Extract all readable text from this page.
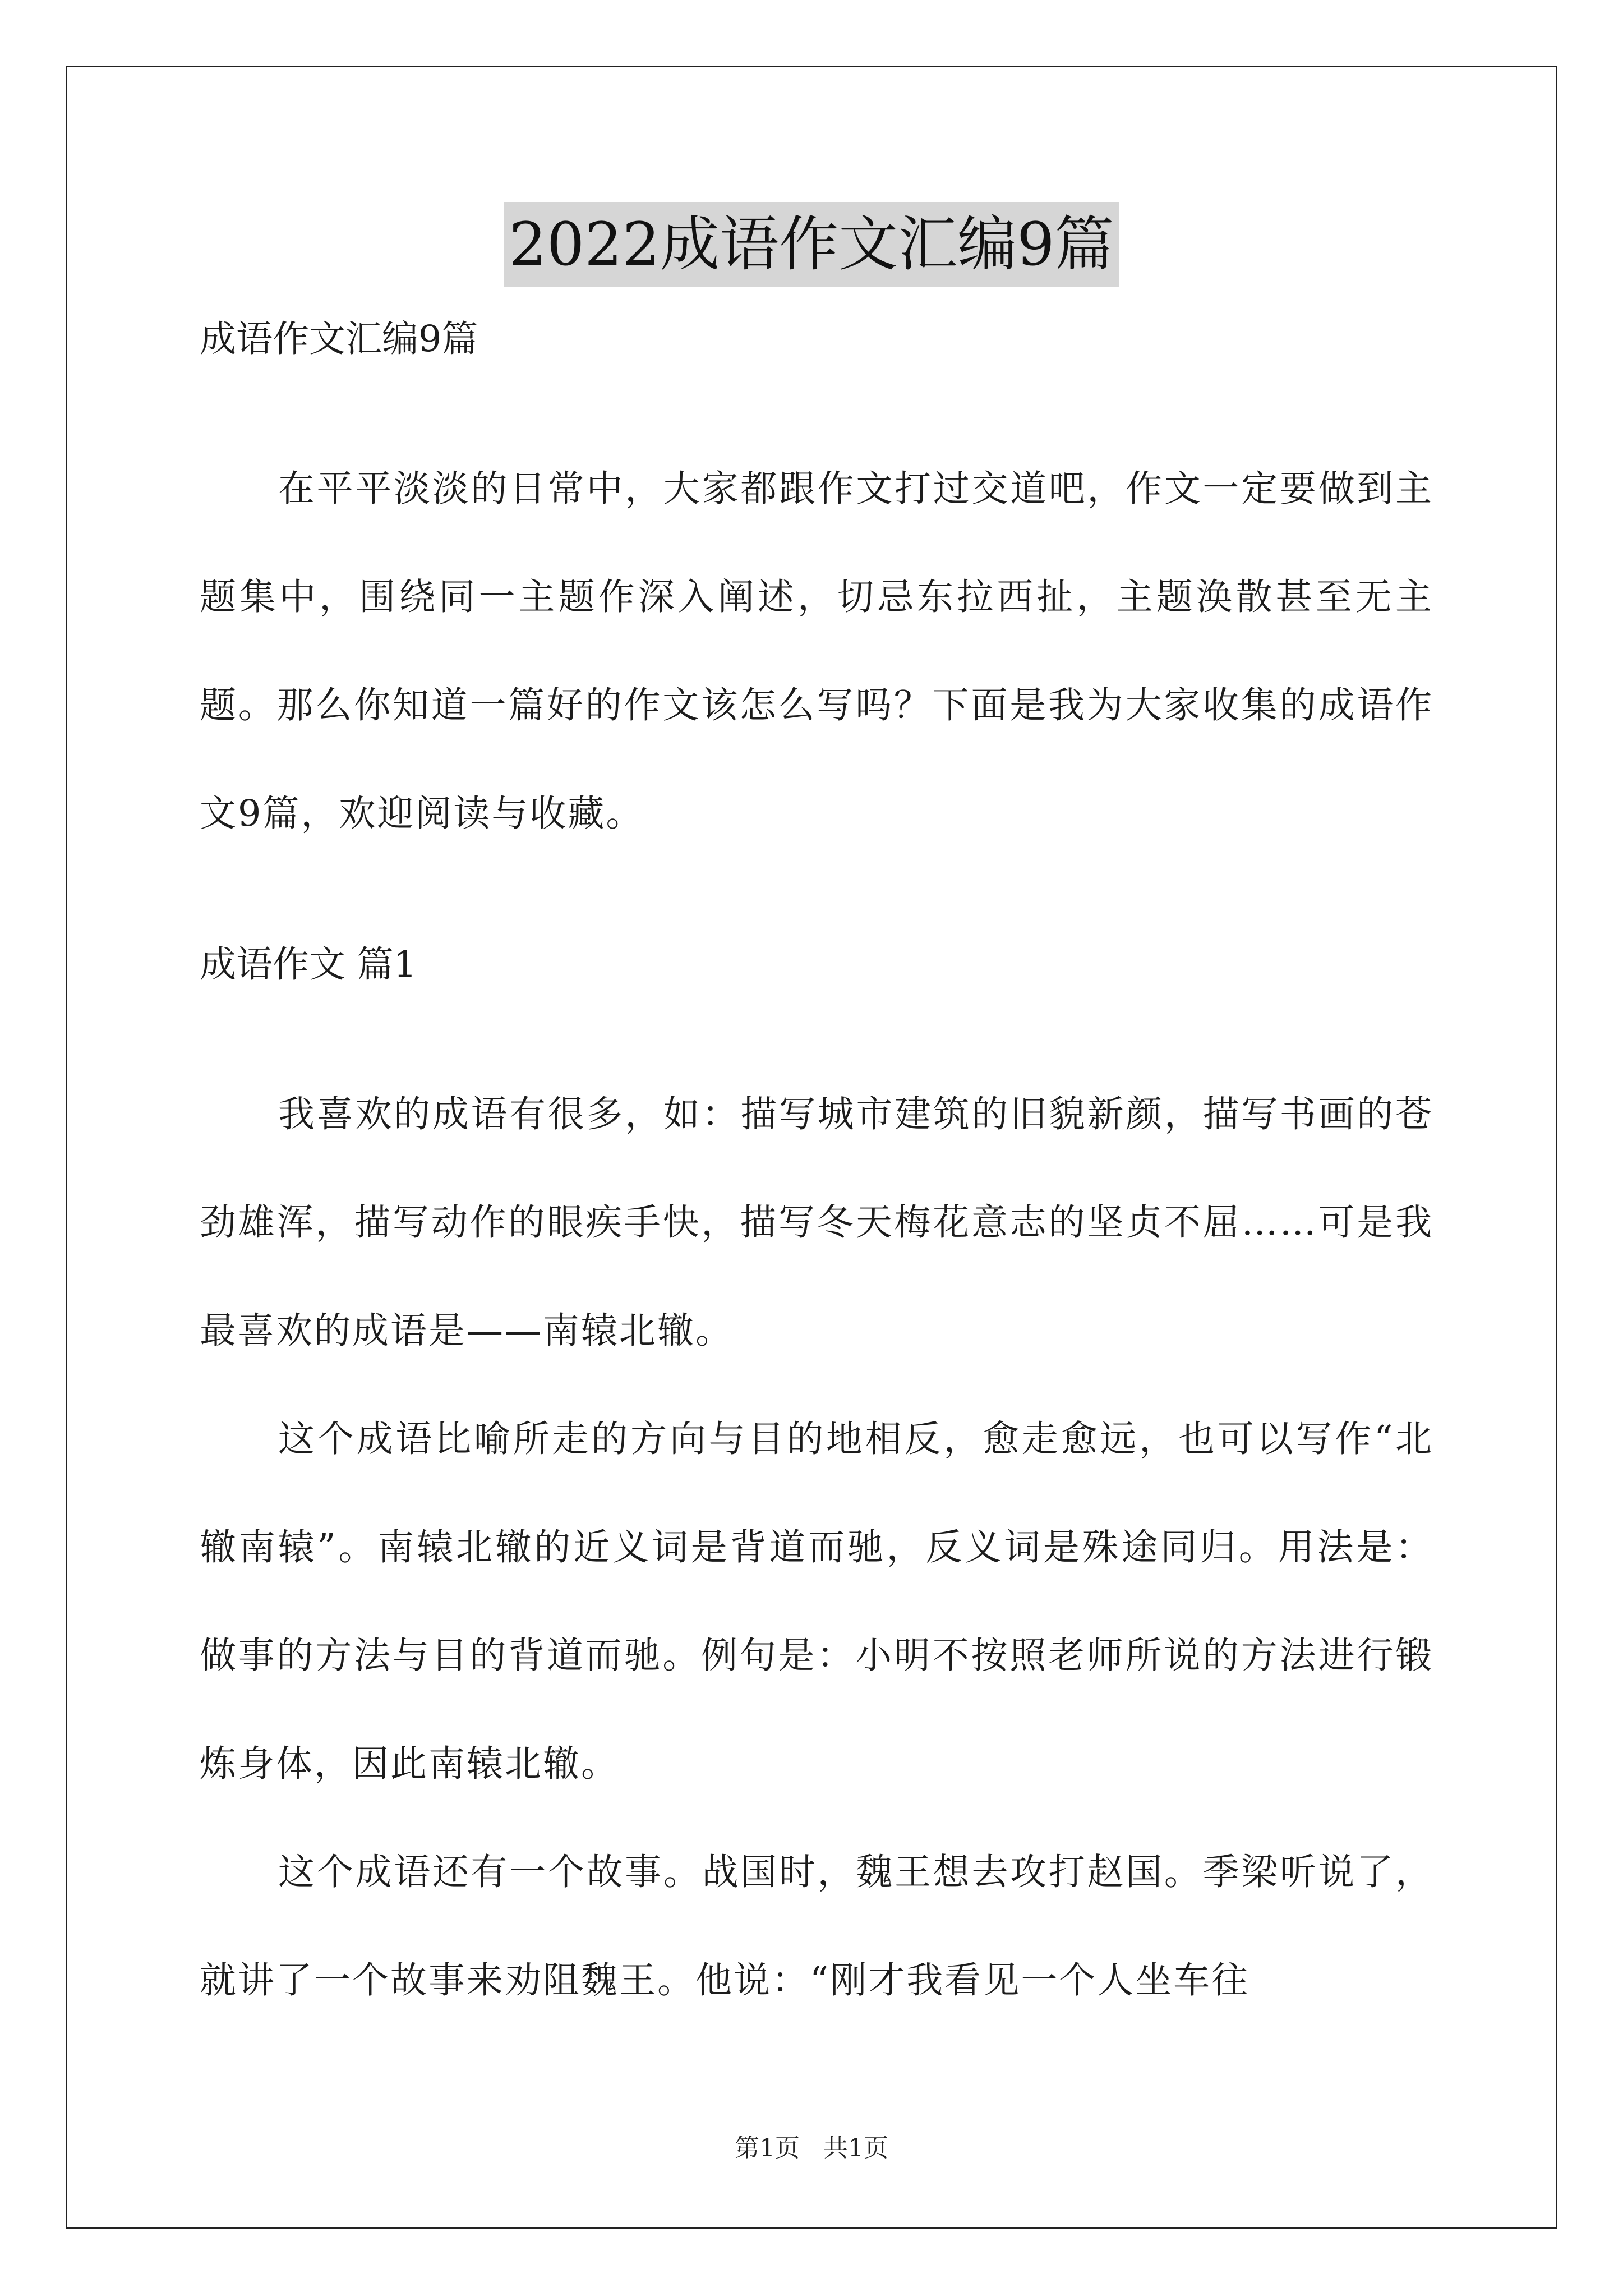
2022成语作文汇编9篇
成语作文汇编9篇

在平平淡淡的日常中，大家都跟作文打过交道吧，作文一定要做到主题集中，围绕同一主题作深入阐述，切忌东拉西扯，主题涣散甚至无主题。那么你知道一篇好的作文该怎么写吗？下面是我为大家收集的成语作文9篇，欢迎阅读与收藏。

成语作文 篇1

我喜欢的成语有很多，如：描写城市建筑的旧貌新颜，描写书画的苍劲雄浑，描写动作的眼疾手快，描写冬天梅花意志的坚贞不屈……可是我最喜欢的成语是——南辕北辙。

这个成语比喻所走的方向与目的地相反，愈走愈远，也可以写作“北辙南辕”。南辕北辙的近义词是背道而驰，反义词是殊途同归。用法是：做事的方法与目的背道而驰。例句是：小明不按照老师所说的方法进行锻炼身体，因此南辕北辙。

这个成语还有一个故事。战国时，魏王想去攻打赵国。季梁听说了，就讲了一个故事来劝阻魏王。他说：“刚才我看见一个人坐车往

第1页   共1页
